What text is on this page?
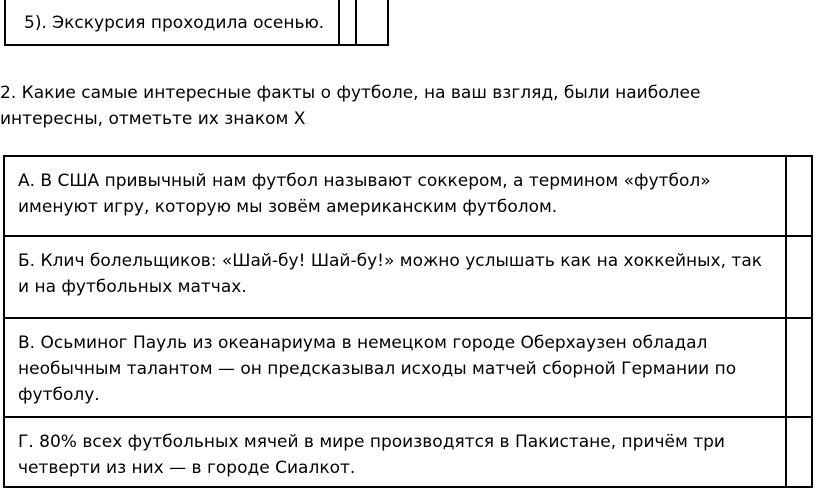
5). Экскурсия проходила осенью.
2. Какие самые интересные факты о футболе, на ваш взгляд, были наиболее интересны, отметьте их знаком Х
А. В США привычный нам футбол называют соккером, а термином «футбол» именуют игру, которую мы зовём американским футболом.
Б. Клич болельщиков: «Шай-бу! Шай-бу!» можно услышать как на хоккейных, так и на футбольных матчах.
В. Осьминог Пауль из океанариума в немецком городе Оберхаузен обладал необычным талантом — он предсказывал исходы матчей сборной Германии по футболу.
Г. 80% всех футбольных мячей в мире производятся в Пакистане, причём три четверти из них — в городе Сиалкот.
